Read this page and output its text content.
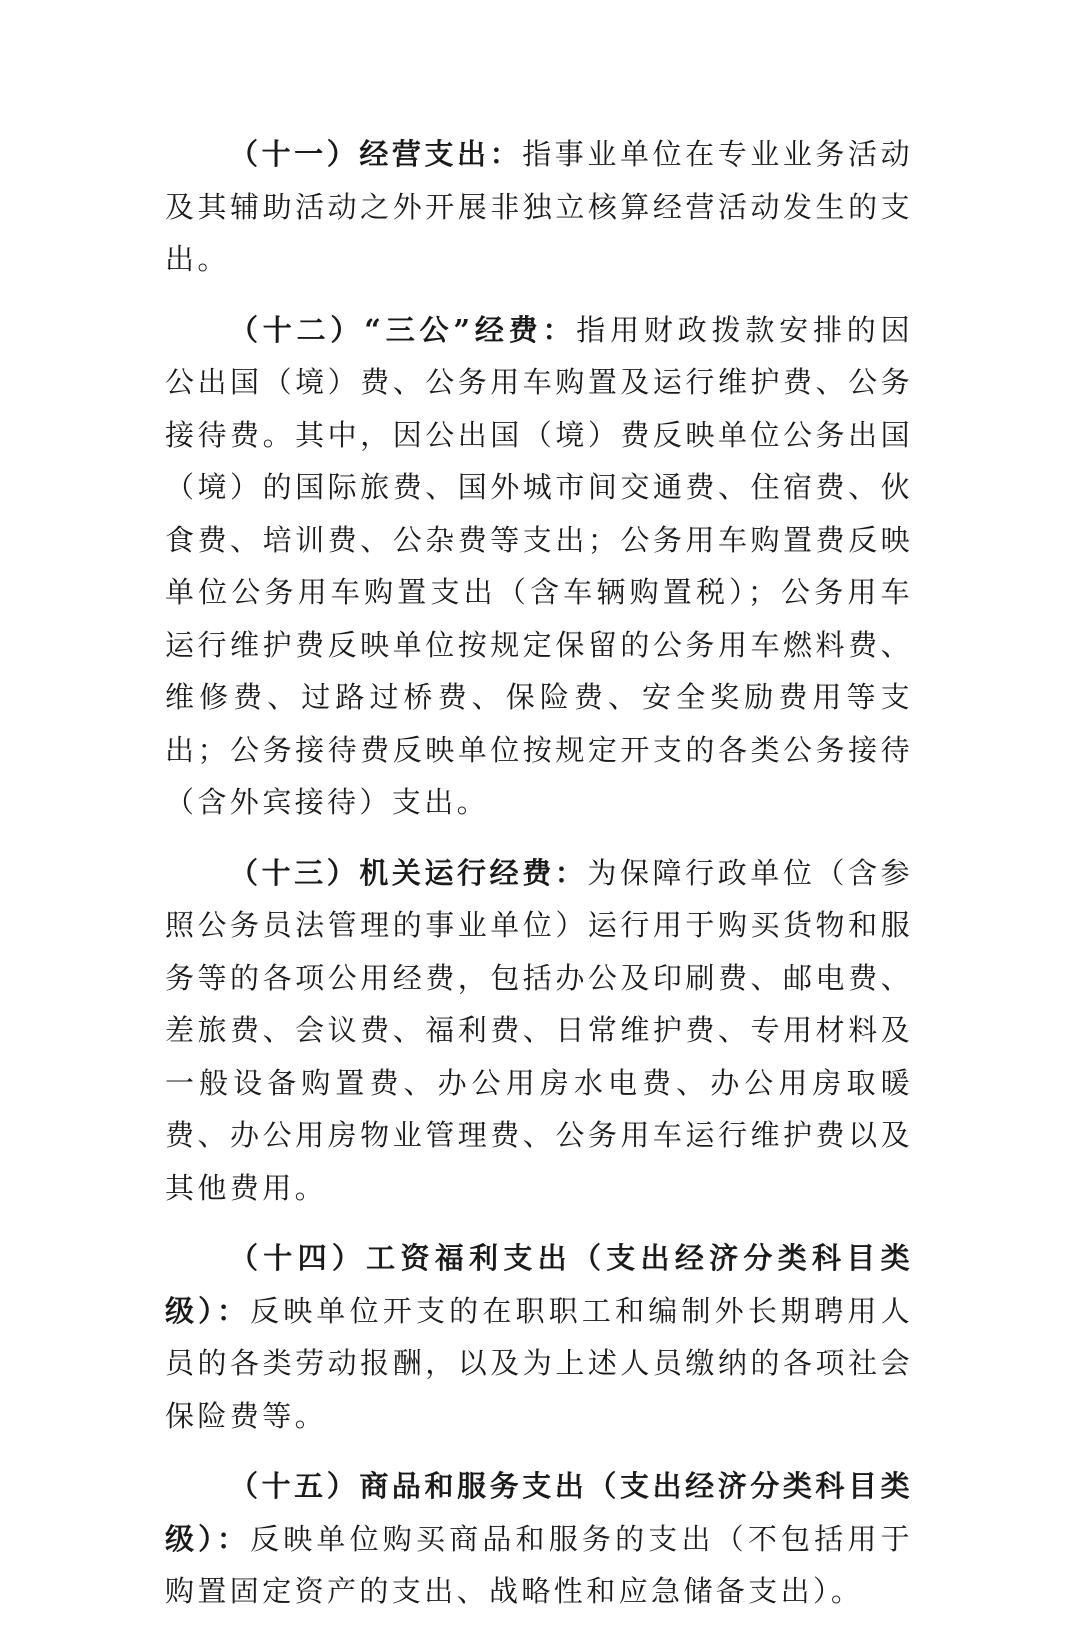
（十一）经营支出：指事业单位在专业业务活动及其辅助活动之外开展非独立核算经营活动发生的支出。

（十二）“三公”经费：指用财政拨款安排的因公出国（境）费、公务用车购置及运行维护费、公务接待费。其中，因公出国（境）费反映单位公务出国（境）的国际旅费、国外城市间交通费、住宿费、伙食费、培训费、公杂费等支出；公务用车购置费反映单位公务用车购置支出（含车辆购置税）；公务用车运行维护费反映单位按规定保留的公务用车燃料费、维修费、过路过桥费、保险费、安全奖励费用等支出；公务接待费反映单位按规定开支的各类公务接待（含外宾接待）支出。

（十三）机关运行经费：为保障行政单位（含参照公务员法管理的事业单位）运行用于购买货物和服务等的各项公用经费，包括办公及印刷费、邮电费、差旅费、会议费、福利费、日常维护费、专用材料及一般设备购置费、办公用房水电费、办公用房取暖费、办公用房物业管理费、公务用车运行维护费以及其他费用。

（十四）工资福利支出（支出经济分类科目类级）：反映单位开支的在职职工和编制外长期聘用人员的各类劳动报酬，以及为上述人员缴纳的各项社会保险费等。

（十五）商品和服务支出（支出经济分类科目类级）：反映单位购买商品和服务的支出（不包括用于购置固定资产的支出、战略性和应急储备支出）。
